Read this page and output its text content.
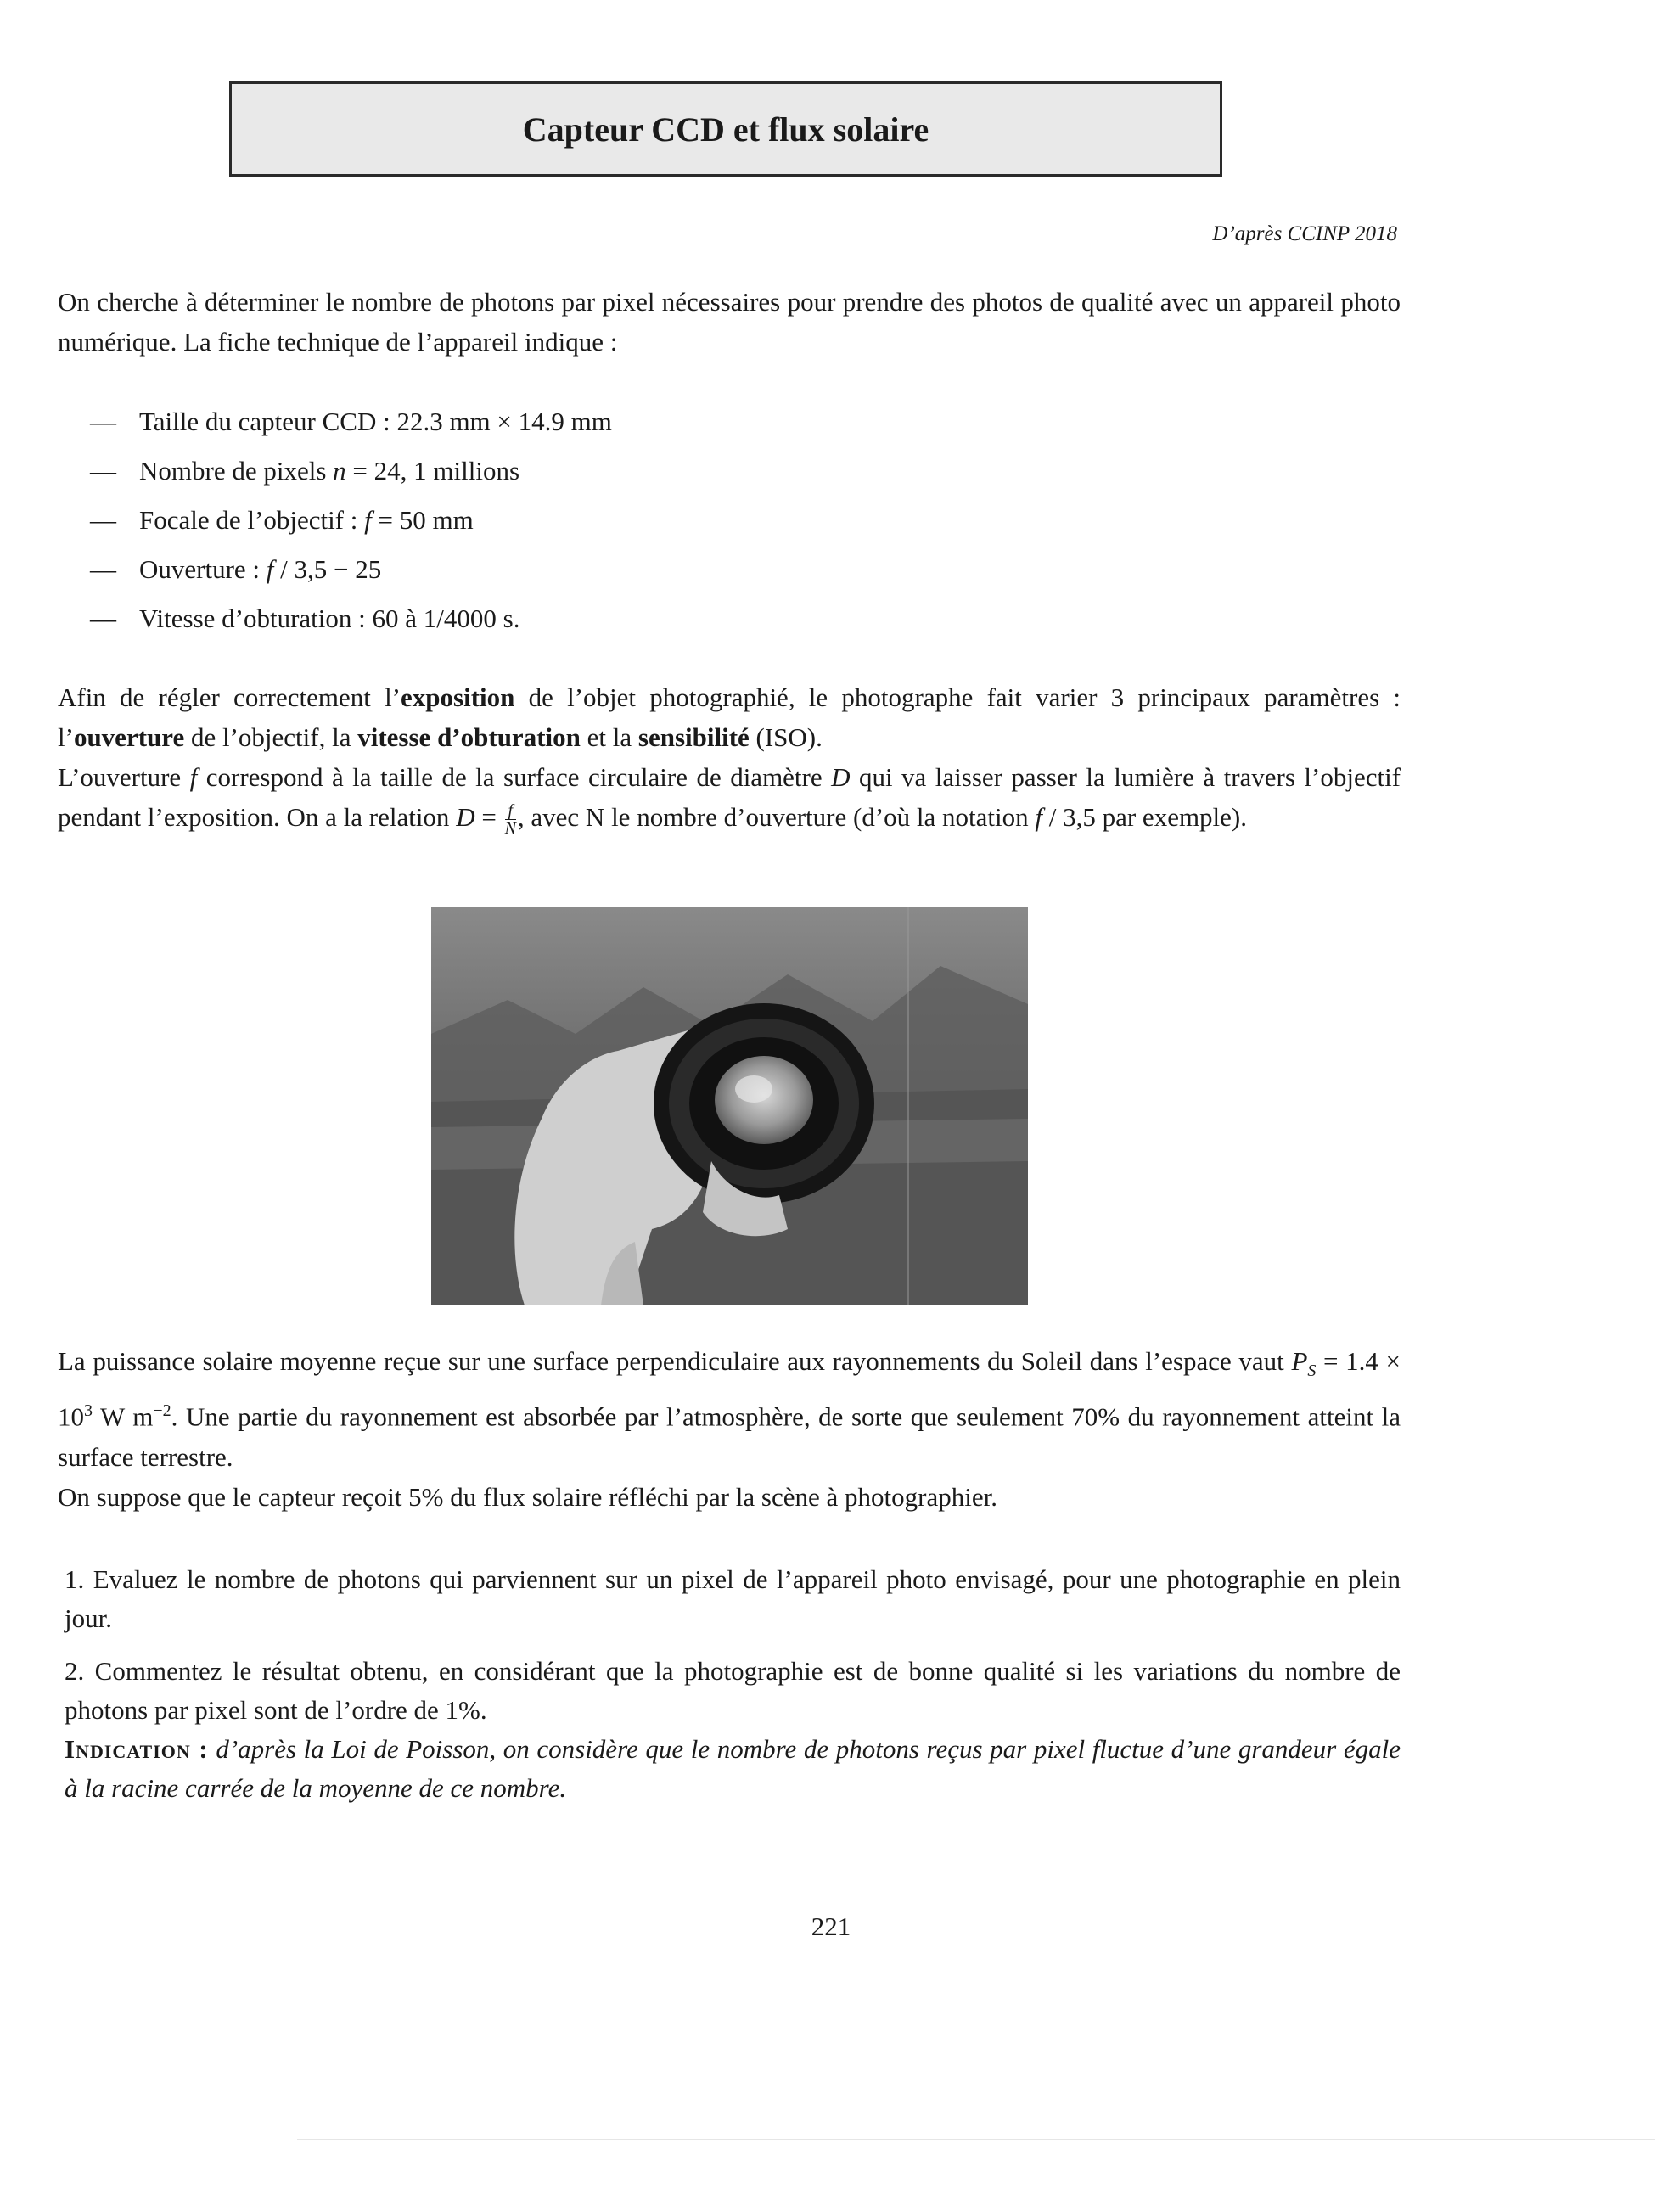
Capteur CCD et flux solaire
D’après CCINP 2018
On cherche à déterminer le nombre de photons par pixel nécessaires pour prendre des photos de qualité avec un appareil photo numérique. La fiche technique de l’appareil indique :
— Taille du capteur CCD : 22.3 mm × 14.9 mm
— Nombre de pixels n = 24, 1 millions
— Focale de l’objectif : f = 50 mm
— Ouverture : f / 3,5 − 25
— Vitesse d’obturation : 60 à 1/4000 s.
Afin de régler correctement l’exposition de l’objet photographié, le photographe fait varier 3 principaux paramètres : l’ouverture de l’objectif, la vitesse d’obturation et la sensibilité (ISO).
L’ouverture f correspond à la taille de la surface circulaire de diamètre D qui va laisser passer la lumière à travers l’objectif pendant l’exposition. On a la relation $D = \frac{f}{N}$ , avec N le nombre d’ouverture (d’où la notation f / 3,5 par exemple).
La puissance solaire moyenne reçue sur une surface perpendiculaire aux rayonnements du Soleil dans l’espace vaut $P_S = 1.4 \times 10^3$ W $m^{-2}$. Une partie du rayonnement est absorbée par l’atmosphère, de sorte que seulement 70% du rayonnement atteint la surface terrestre.
On suppose que le capteur reçoit 5% du flux solaire réfléchi par la scène à photographier.
1. Evaluez le nombre de photons qui parviennent sur un pixel de l’appareil photo envisagé, pour une photographie en plein jour.
2. Commentez le résultat obtenu, en considérant que la photographie est de bonne qualité si les variations du nombre de photons par pixel sont de l’ordre de 1%.
Indication : d’après la Loi de Poisson, on considère que le nombre de photons reçus par pixel fluctue d’une grandeur égale à la racine carrée de la moyenne de ce nombre.
221
